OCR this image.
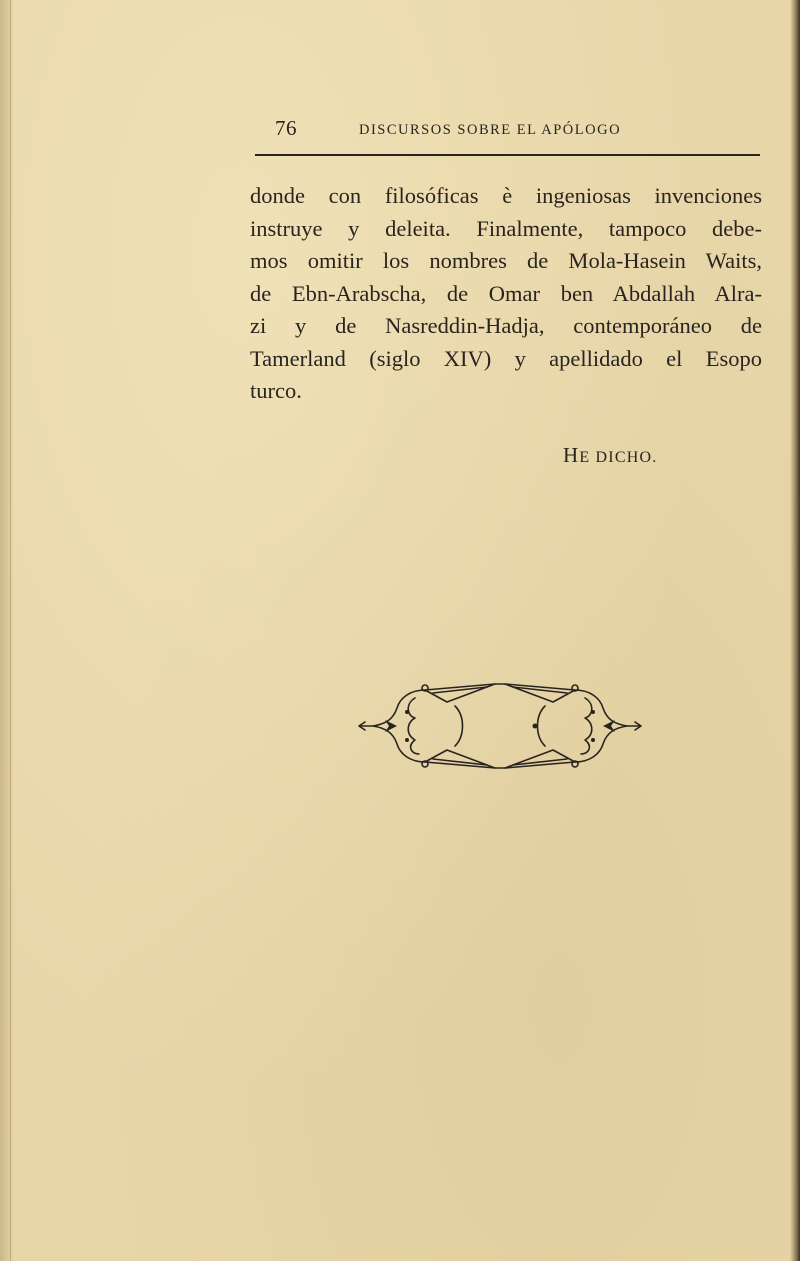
76	DISCURSOS SOBRE EL APÓLOGO
donde con filosóficas è ingeniosas invenciones
instruye y deleita. Finalmente, tampoco debe-
mos omitir los nombres de Mola-Hasein Waits,
de Ebn-Arabscha, de Omar ben Abdallah Alra-
zi y de Nasreddin-Hadja, contemporáneo de
Tamerland (siglo XIV) y apellidado el Esopo
turco.
HE DICHO.
